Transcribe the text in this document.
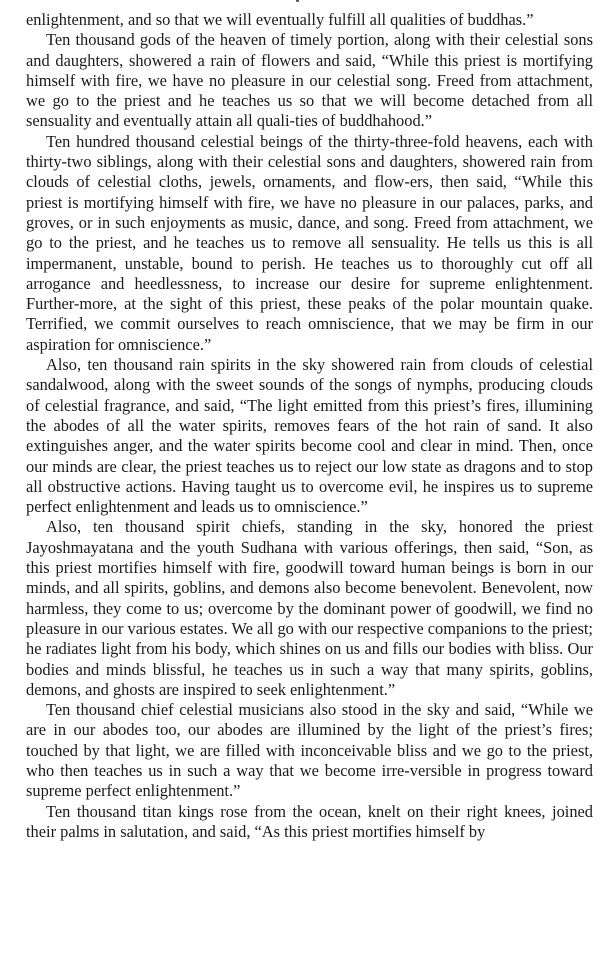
enlightenment, and so that we will eventually fulfill all qualities of buddhas.”

Ten thousand gods of the heaven of timely portion, along with their celestial sons and daughters, showered a rain of flowers and said, “While this priest is mortifying himself with fire, we have no pleasure in our celestial song. Freed from attachment, we go to the priest and he teaches us so that we will become detached from all sensuality and eventually attain all quali-ties of buddhahood.”

Ten hundred thousand celestial beings of the thirty-three-fold heavens, each with thirty-two siblings, along with their celestial sons and daughters, showered rain from clouds of celestial cloths, jewels, ornaments, and flow-ers, then said, “While this priest is mortifying himself with fire, we have no pleasure in our palaces, parks, and groves, or in such enjoyments as music, dance, and song. Freed from attachment, we go to the priest, and he teaches us to remove all sensuality. He tells us this is all impermanent, unstable, bound to perish. He teaches us to thoroughly cut off all arrogance and heedlessness, to increase our desire for supreme enlightenment. Further-more, at the sight of this priest, these peaks of the polar mountain quake. Terrified, we commit ourselves to reach omniscience, that we may be firm in our aspiration for omniscience.”

Also, ten thousand rain spirits in the sky showered rain from clouds of celestial sandalwood, along with the sweet sounds of the songs of nymphs, producing clouds of celestial fragrance, and said, “The light emitted from this priest’s fires, illumining the abodes of all the water spirits, removes fears of the hot rain of sand. It also extinguishes anger, and the water spirits become cool and clear in mind. Then, once our minds are clear, the priest teaches us to reject our low state as dragons and to stop all obstructive actions. Having taught us to overcome evil, he inspires us to supreme perfect enlightenment and leads us to omniscience.”

Also, ten thousand spirit chiefs, standing in the sky, honored the priest Jayoshmayatana and the youth Sudhana with various offerings, then said, “Son, as this priest mortifies himself with fire, goodwill toward human beings is born in our minds, and all spirits, goblins, and demons also become benevolent. Benevolent, now harmless, they come to us; overcome by the dominant power of goodwill, we find no pleasure in our various estates. We all go with our respective companions to the priest; he radiates light from his body, which shines on us and fills our bodies with bliss. Our bodies and minds blissful, he teaches us in such a way that many spirits, goblins, demons, and ghosts are inspired to seek enlightenment.”

Ten thousand chief celestial musicians also stood in the sky and said, “While we are in our abodes too, our abodes are illumined by the light of the priest’s fires; touched by that light, we are filled with inconceivable bliss and we go to the priest, who then teaches us in such a way that we become irre-versible in progress toward supreme perfect enlightenment.”

Ten thousand titan kings rose from the ocean, knelt on their right knees, joined their palms in salutation, and said, “As this priest mortifies himself by
